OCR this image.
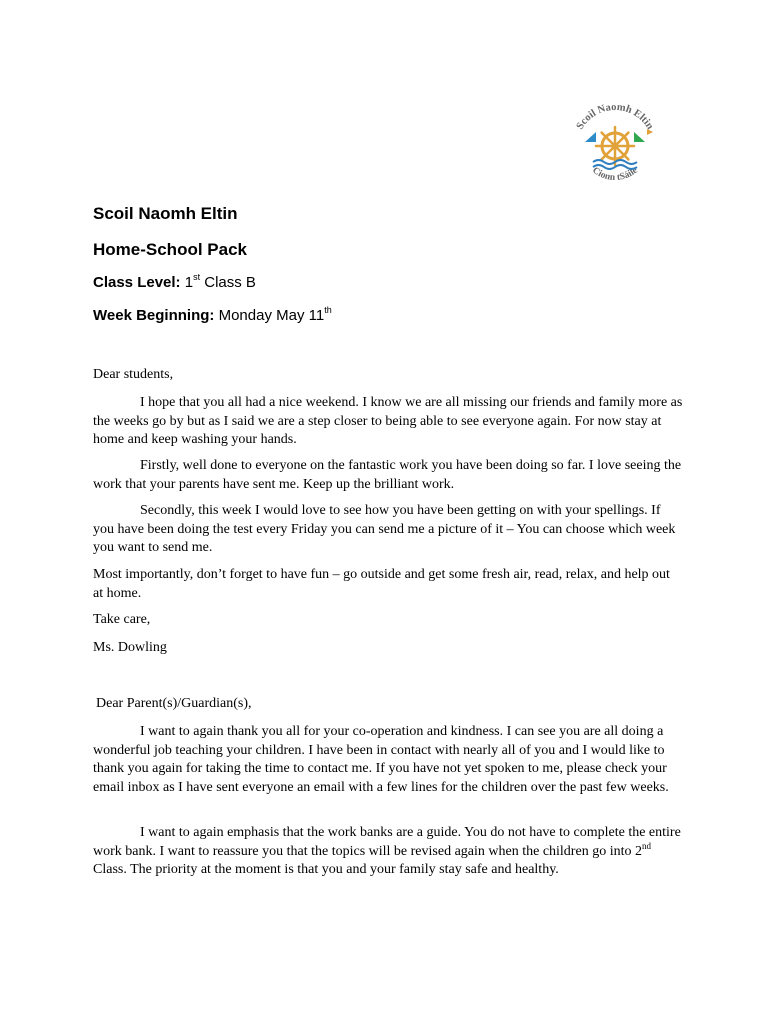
Scoil Naomh Eltin
Cionn tSáile
Scoil Naomh Eltin
Home-School Pack
Class Level: 1st Class B
Week Beginning: Monday May 11th
Dear students,

I hope that you all had a nice weekend. I know we are all missing our friends and family more as the weeks go by but as I said we are a step closer to being able to see everyone again. For now stay at home and keep washing your hands.

Firstly, well done to everyone on the fantastic work you have been doing so far. I love seeing the work that your parents have sent me. Keep up the brilliant work.

Secondly, this week I would love to see how you have been getting on with your spellings. If you have been doing the test every Friday you can send me a picture of it – You can choose which week you want to send me.

Most importantly, don’t forget to have fun – go outside and get some fresh air, read, relax, and help out at home.

Take care,
Ms. Dowling
Dear Parent(s)/Guardian(s),

I want to again thank you all for your co-operation and kindness. I can see you are all doing a wonderful job teaching your children. I have been in contact with nearly all of you and I would like to thank you again for taking the time to contact me. If you have not yet spoken to me, please check your email inbox as I have sent everyone an email with a few lines for the children over the past few weeks.

I want to again emphasis that the work banks are a guide. You do not have to complete the entire work bank. I want to reassure you that the topics will be revised again when the children go into 2nd Class. The priority at the moment is that you and your family stay safe and healthy.
